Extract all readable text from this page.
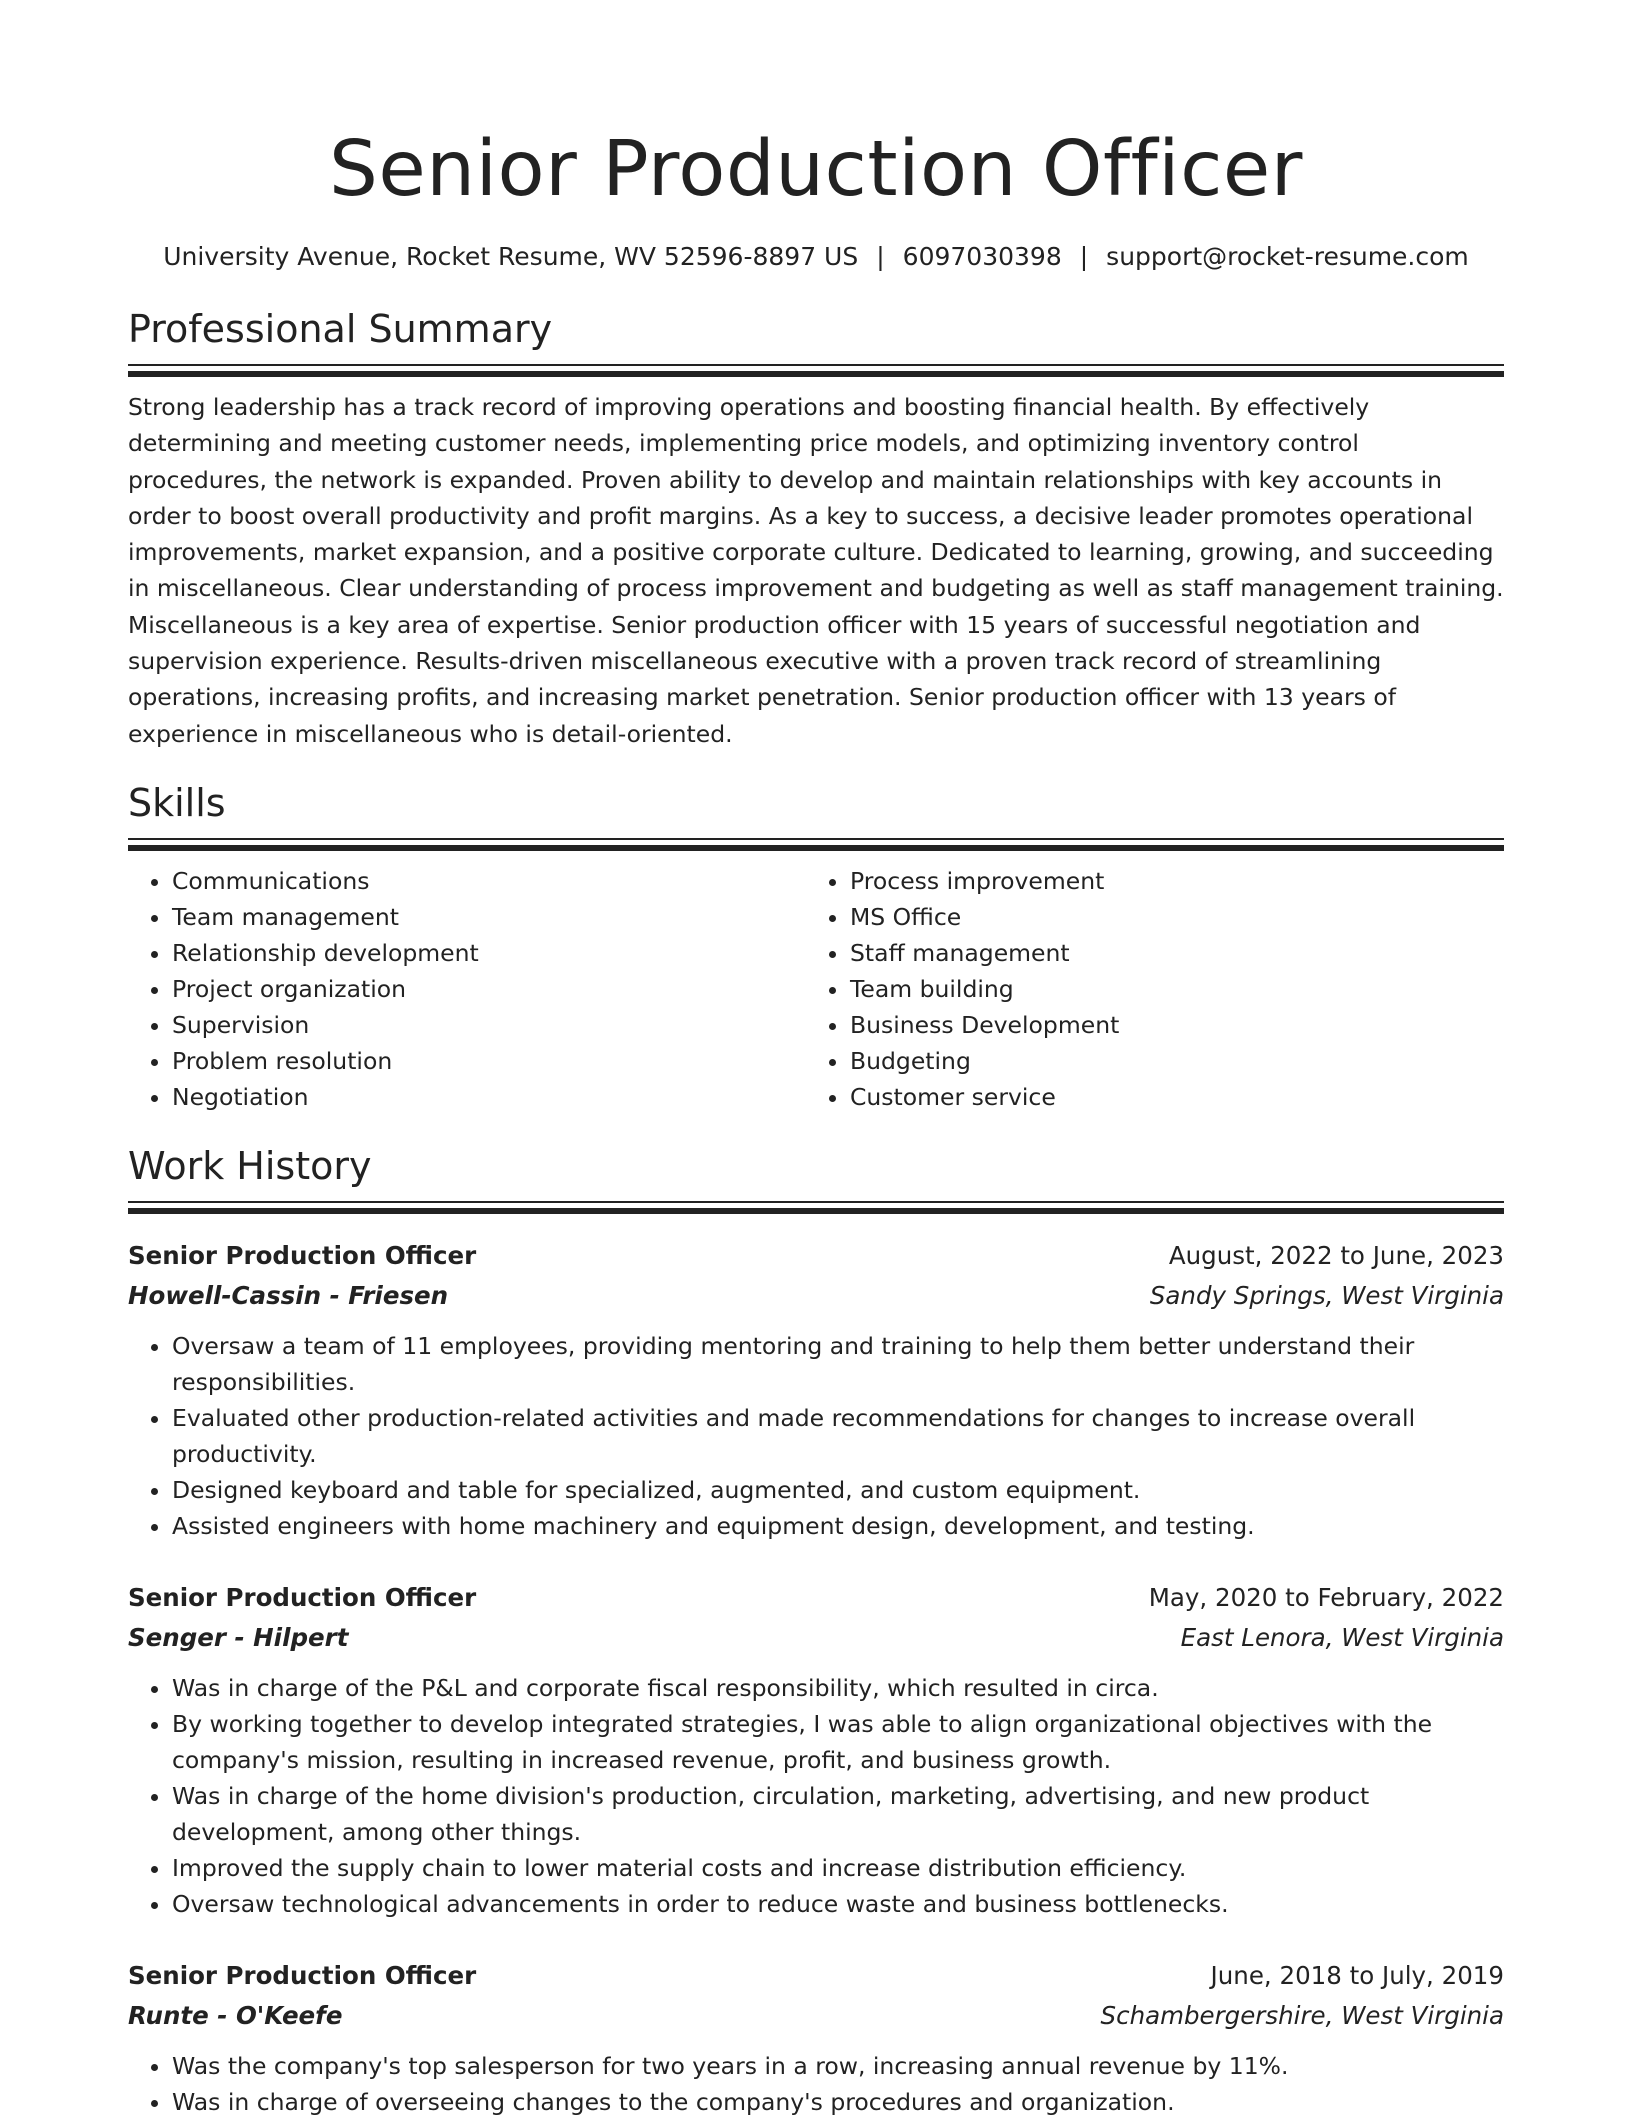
Senior Production Officer
University Avenue, Rocket Resume, WV 52596-8897 US | 6097030398 | support@rocket-resume.com
Professional Summary

Strong leadership has a track record of improving operations and boosting financial health. By effectively determining and meeting customer needs, implementing price models, and optimizing inventory control procedures, the network is expanded. Proven ability to develop and maintain relationships with key accounts in order to boost overall productivity and profit margins. As a key to success, a decisive leader promotes operational improvements, market expansion, and a positive corporate culture. Dedicated to learning, growing, and succeeding in miscellaneous. Clear understanding of process improvement and budgeting as well as staff management training. Miscellaneous is a key area of expertise. Senior production officer with 15 years of successful negotiation and supervision experience. Results-driven miscellaneous executive with a proven track record of streamlining operations, increasing profits, and increasing market penetration. Senior production officer with 13 years of experience in miscellaneous who is detail-oriented.

Skills
• Communications
• Team management
• Relationship development
• Project organization
• Supervision
• Problem resolution
• Negotiation
• Process improvement
• MS Office
• Staff management
• Team building
• Business Development
• Budgeting
• Customer service
Work History
Senior Production Officer	August, 2022 to June, 2023
Howell-Cassin - Friesen	Sandy Springs, West Virginia
• Oversaw a team of 11 employees, providing mentoring and training to help them better understand their responsibilities.
• Evaluated other production-related activities and made recommendations for changes to increase overall productivity.
• Designed keyboard and table for specialized, augmented, and custom equipment.
• Assisted engineers with home machinery and equipment design, development, and testing.
Senior Production Officer	May, 2020 to February, 2022
Senger - Hilpert	East Lenora, West Virginia
• Was in charge of the P&L and corporate fiscal responsibility, which resulted in circa.
• By working together to develop integrated strategies, I was able to align organizational objectives with the company's mission, resulting in increased revenue, profit, and business growth.
• Was in charge of the home division's production, circulation, marketing, advertising, and new product development, among other things.
• Improved the supply chain to lower material costs and increase distribution efficiency.
• Oversaw technological advancements in order to reduce waste and business bottlenecks.
Senior Production Officer	June, 2018 to July, 2019
Runte - O'Keefe	Schambergershire, West Virginia
• Was the company's top salesperson for two years in a row, increasing annual revenue by 11%.
• Was in charge of overseeing changes to the company's procedures and organization.
